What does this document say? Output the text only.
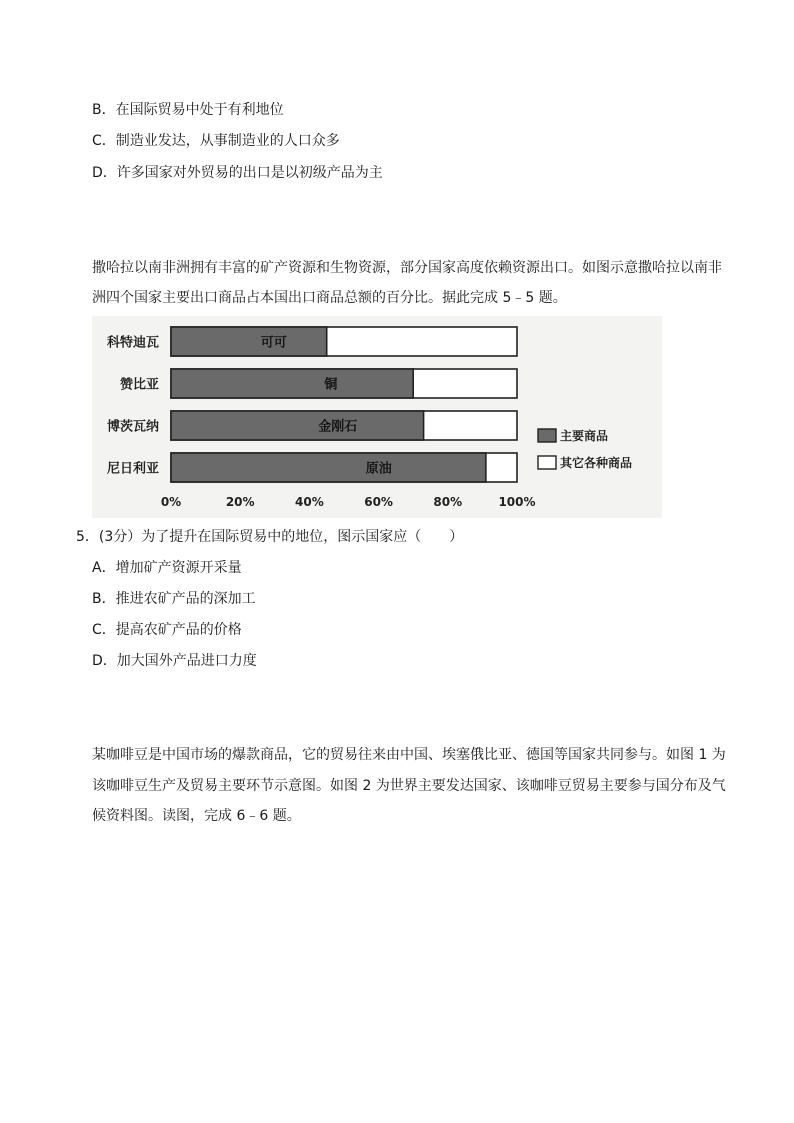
B．在国际贸易中处于有利地位
C．制造业发达，从事制造业的人口众多
D．许多国家对外贸易的出口是以初级产品为主
撒哈拉以南非洲拥有丰富的矿产资源和生物资源，部分国家高度依赖资源出口。如图示意撒哈拉以南非
洲四个国家主要出口商品占本国出口商品总额的百分比。据此完成 5﹣5 题。
科特迪瓦	可可
赞比亚	铜
博茨瓦纳	金刚石
尼日利亚	原油
0%	20%	40%	60%	80%	100%
主要商品
其它各种商品
5．(3分）为了提升在国际贸易中的地位，图示国家应（　　）
A．增加矿产资源开采量
B．推进农矿产品的深加工
C．提高农矿产品的价格
D．加大国外产品进口力度
某咖啡豆是中国市场的爆款商品，它的贸易往来由中国、埃塞俄比亚、德国等国家共同参与。如图 1 为
该咖啡豆生产及贸易主要环节示意图。如图 2 为世界主要发达国家、该咖啡豆贸易主要参与国分布及气
候资料图。读图，完成 6﹣6 题。
